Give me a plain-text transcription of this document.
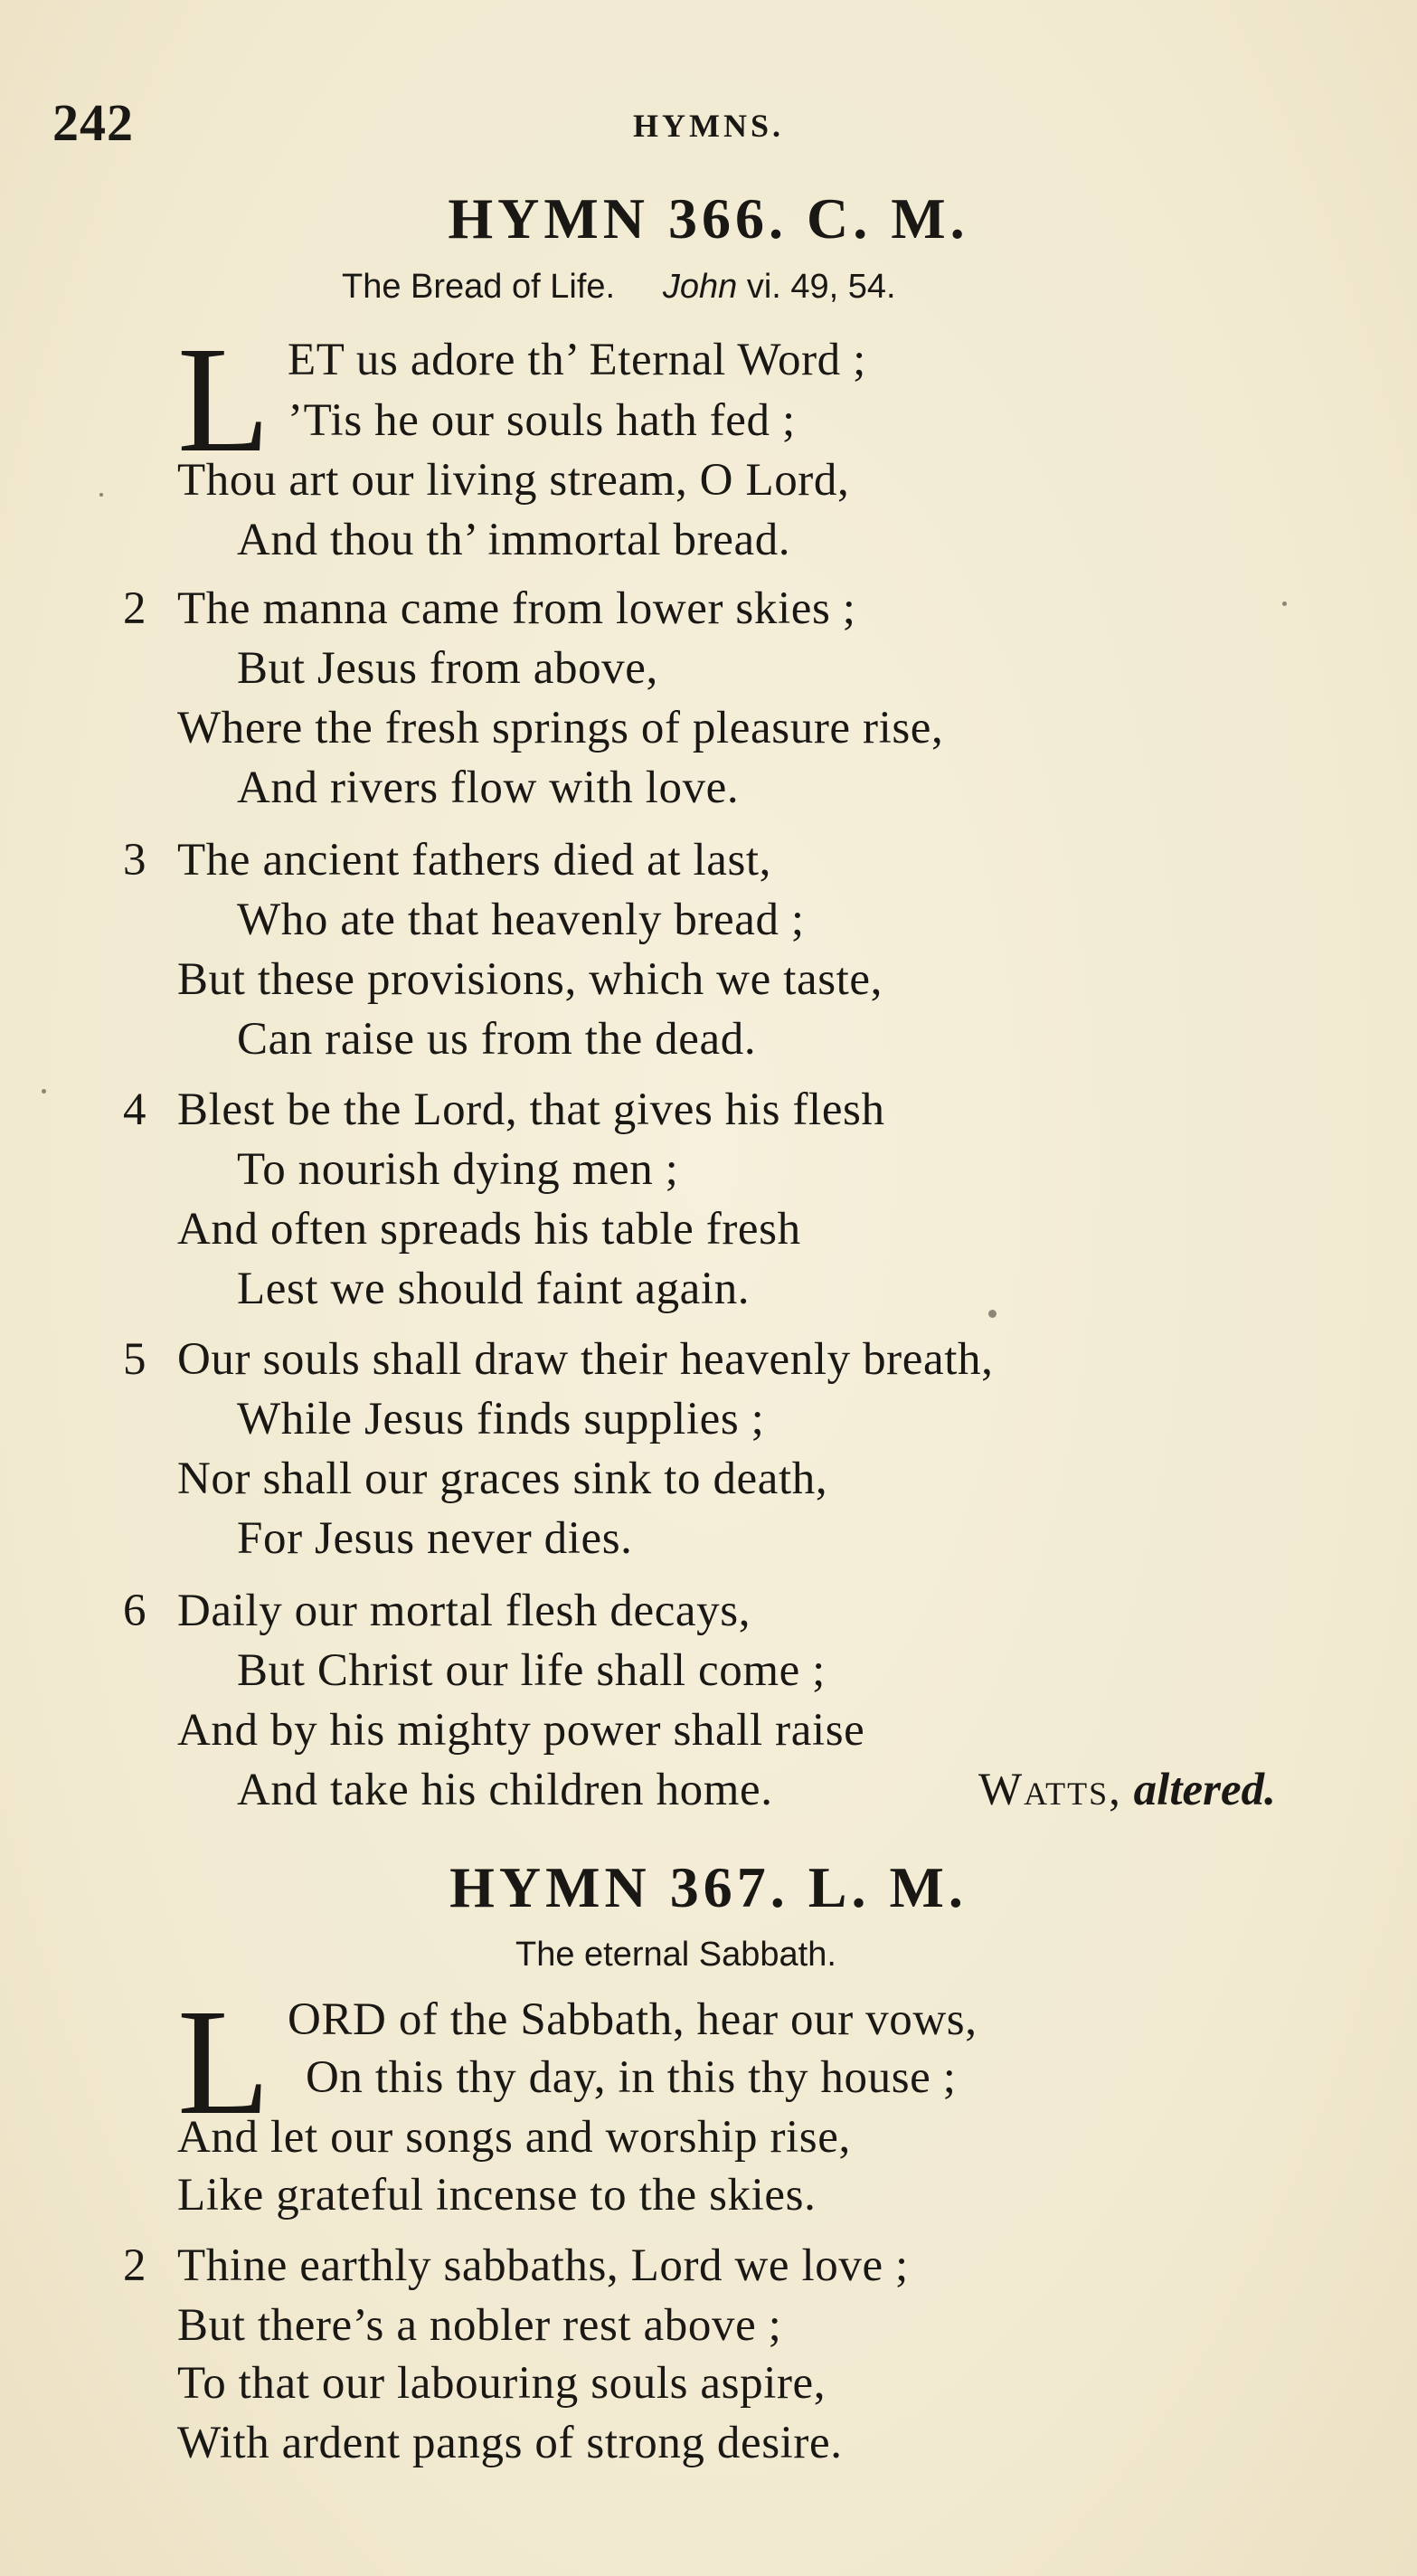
242	HYMNS.
HYMN 366. C. M.
The Bread of Life. John vi. 49, 54.
L ET us adore th’ Eternal Word ;
’Tis he our souls hath fed ;
Thou art our living stream, O Lord,
And thou th’ immortal bread.
2 The manna came from lower skies ;
But Jesus from above,
Where the fresh springs of pleasure rise,
And rivers flow with love.
3 The ancient fathers died at last,
Who ate that heavenly bread ;
But these provisions, which we taste,
Can raise us from the dead.
4 Blest be the Lord, that gives his flesh
To nourish dying men ;
And often spreads his table fresh
Lest we should faint again.
5 Our souls shall draw their heavenly breath,
While Jesus finds supplies ;
Nor shall our graces sink to death,
For Jesus never dies.
6 Daily our mortal flesh decays,
But Christ our life shall come ;
And by his mighty power shall raise
And take his children home.	Watts, altered.
HYMN 367. L. M.
The eternal Sabbath.
L ORD of the Sabbath, hear our vows,
On this thy day, in this thy house ;
And let our songs and worship rise,
Like grateful incense to the skies.
2 Thine earthly sabbaths, Lord we love ;
But there’s a nobler rest above ;
To that our labouring souls aspire,
With ardent pangs of strong desire.
